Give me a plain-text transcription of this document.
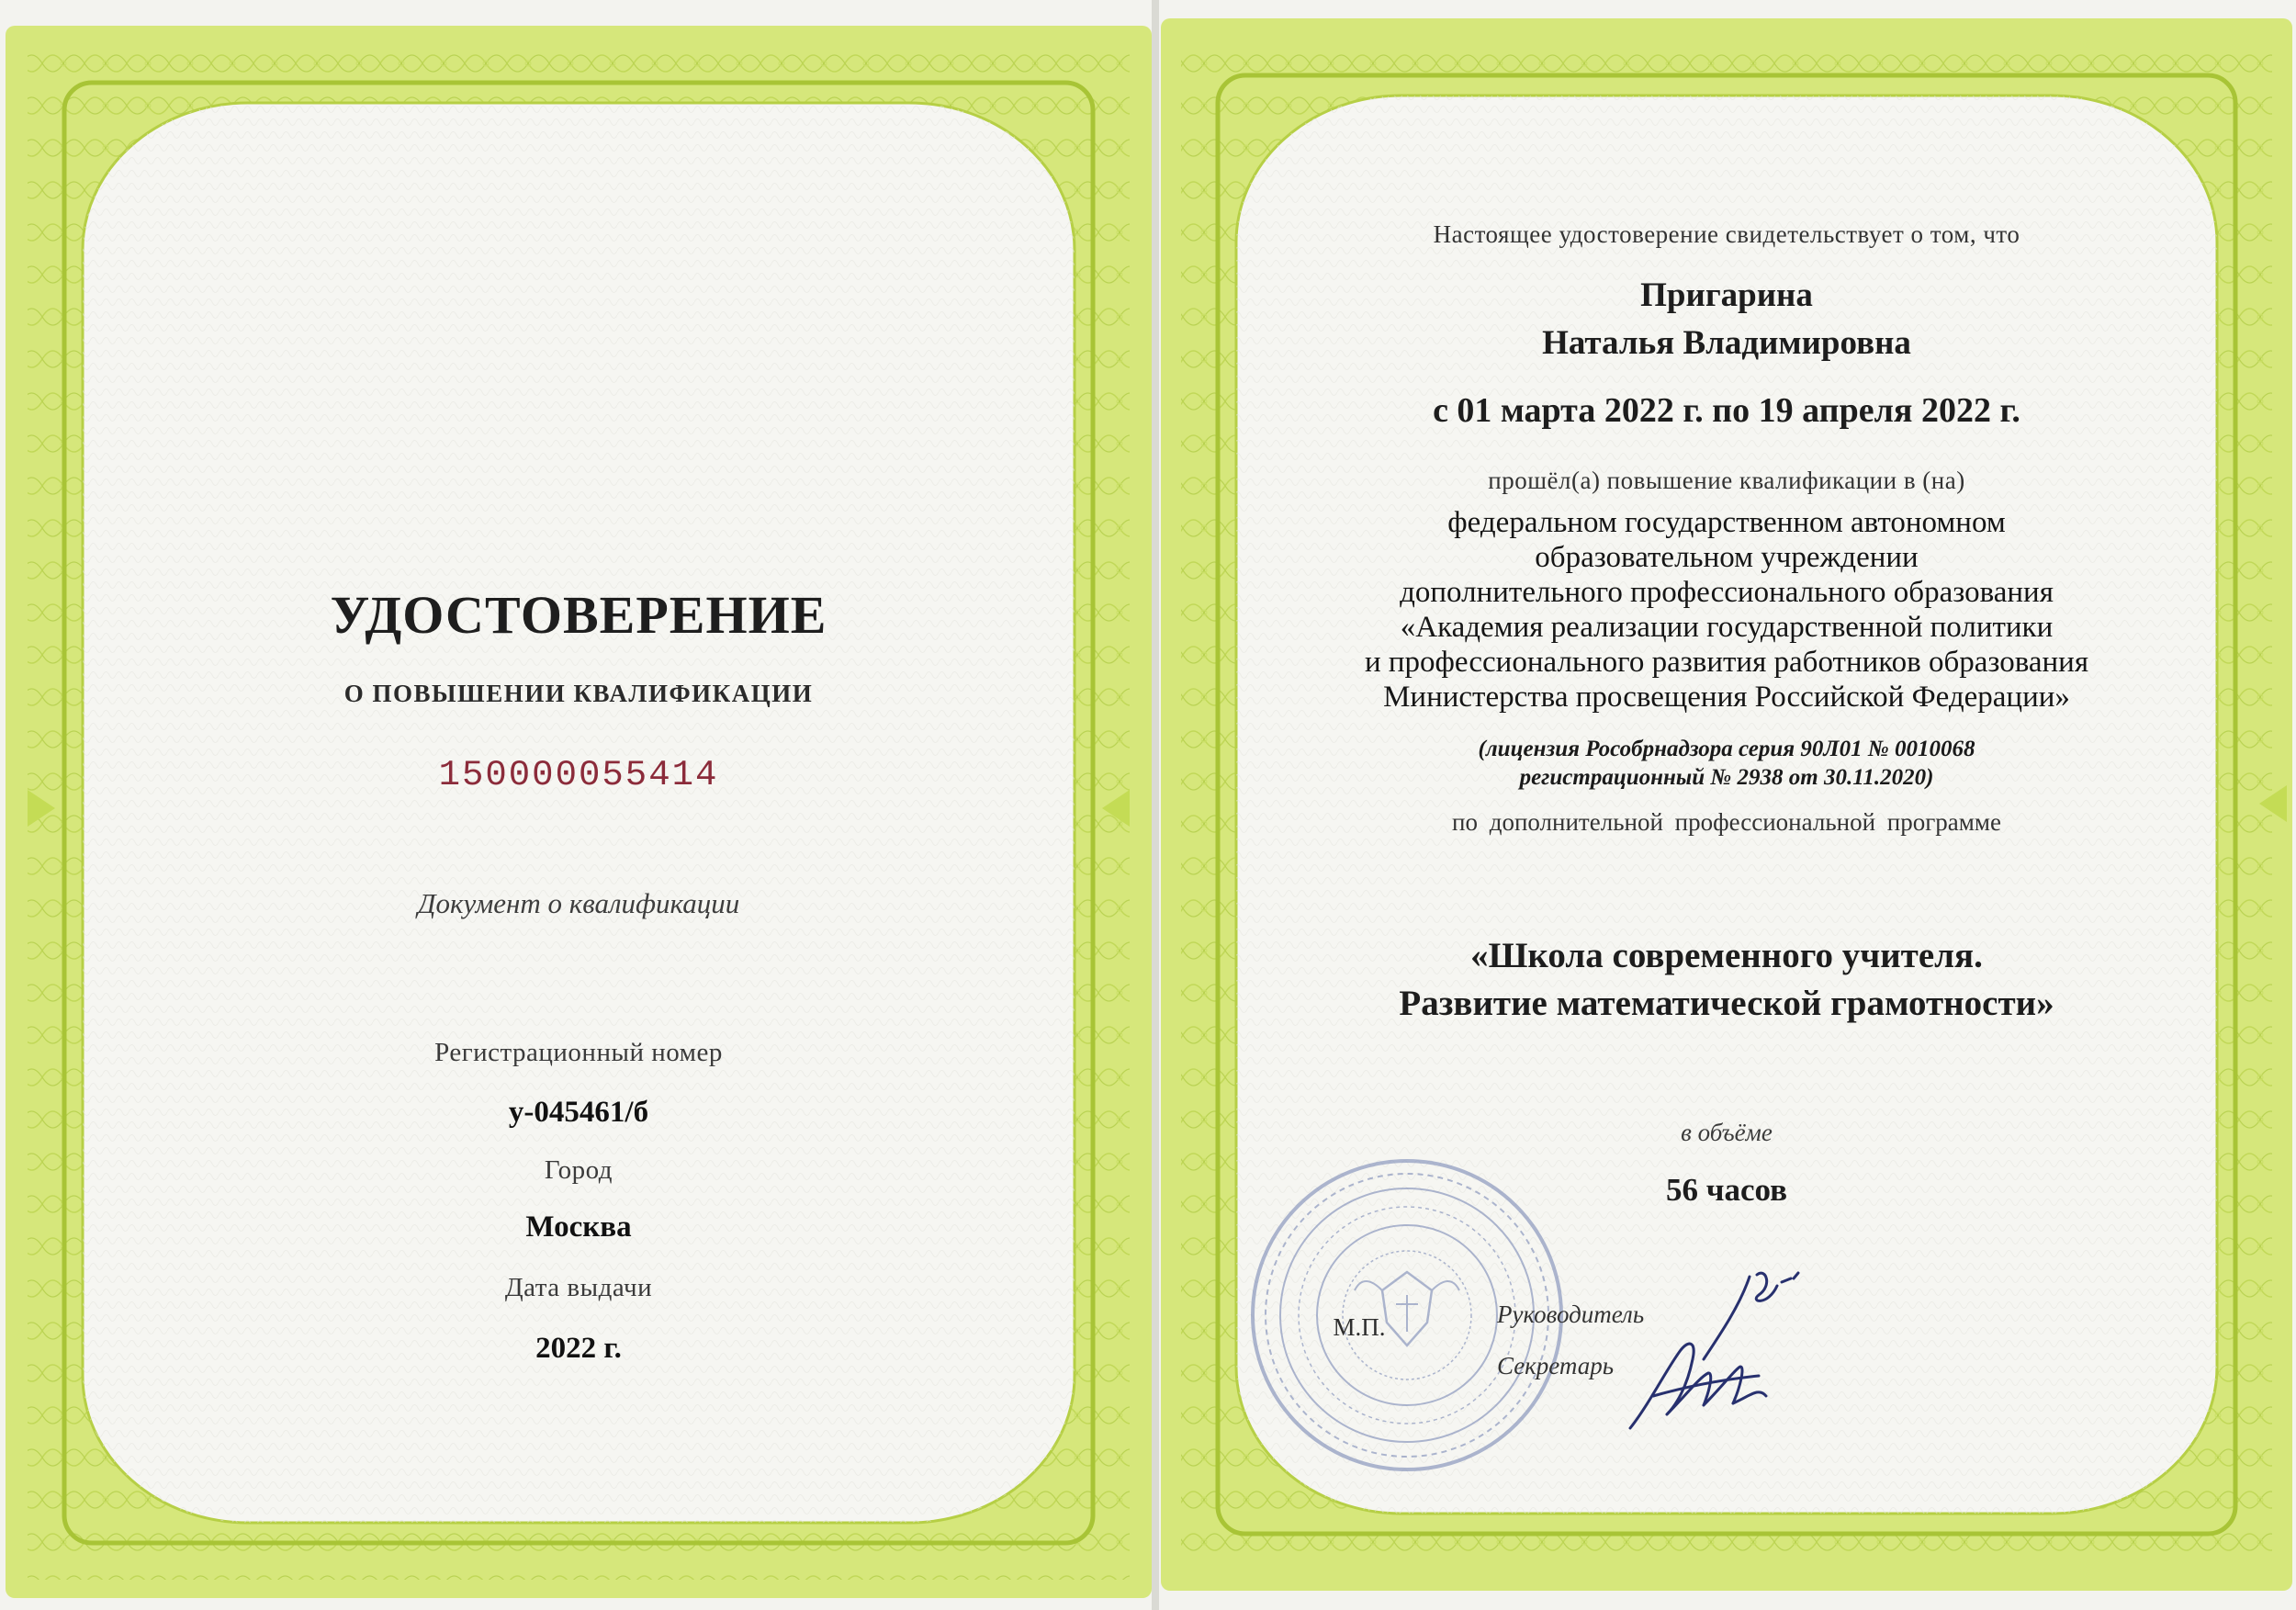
УДОСТОВЕРЕНИЕ
О ПОВЫШЕНИИ КВАЛИФИКАЦИИ
150000055414
Документ о квалификации
Регистрационный номер
у-045461/б
Город
Москва
Дата выдачи
2022 г.
Настоящее удостоверение свидетельствует о том, что
Пригарина
Наталья Владимировна
с 01 марта 2022 г. по 19 апреля 2022 г.
прошёл(а) повышение квалификации в (на)
федеральном государственном автономном
образовательном учреждении
дополнительного профессионального образования
«Академия реализации государственной политики
и профессионального развития работников образования
Министерства просвещения Российской Федерации»
(лицензия Рособрнадзора серия 90Л01 № 0010068
регистрационный № 2938 от 30.11.2020)
по дополнительной профессиональной программе
«Школа современного учителя.
Развитие математической грамотности»
в объёме
56 часов
М.П.	Руководитель
Секретарь
